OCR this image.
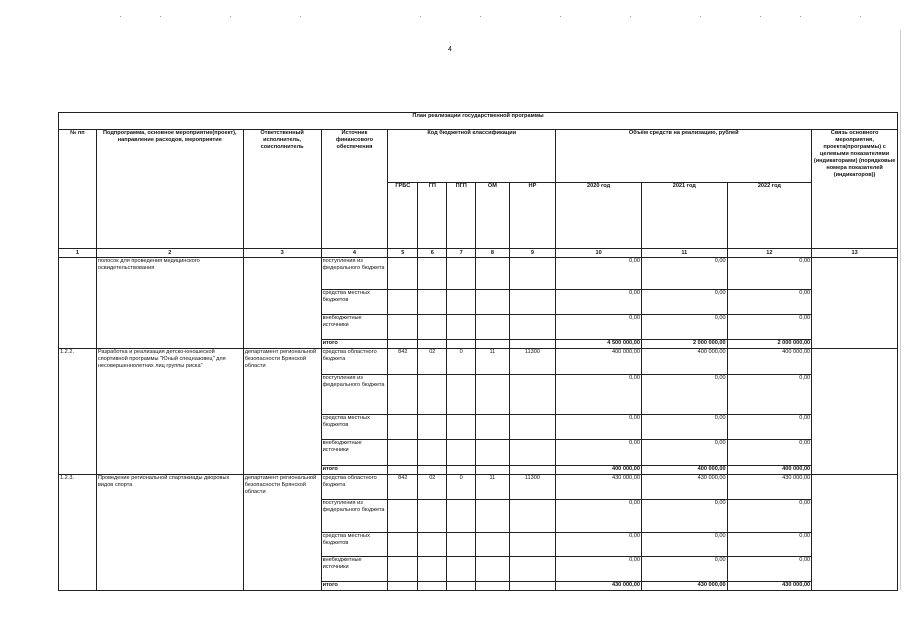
4
План реализации государственной программы												
№ пп	Подпрограмма, основное мероприятие(проект), направление расходов, мероприятие	Ответственный исполнитель, соисполнитель	Источник финансового обеспечения	Код бюджетной классификации					Объём средств на реализацию, рублей			Связь основного мероприятия, проекта(программы) с целевыми показателями (индикаторами) (порядковые номера показателей (индикаторов))
				ГРБС	ГП	ПГП	ОМ	НР	2020 год	2021 год	2022 год	
1	2	3	4	5	6	7	8	9	10	11	12	13
	полосок для проведения медицинского освидетельствования		поступления из федерального бюджета						0,00	0,00	0,00	
			средства местных бюджетов						0,00	0,00	0,00	
			внебюджетные источники						0,00	0,00	0,00	
			итого						4 500 000,00	2 000 000,00	2 000 000,00	
1.2.2.	Разработка и реализация детско-юношеской спортивной программы "Юный спецназовец" для несовершеннолетних лиц группы риска"	департамент региональной безопасности Брянской области	средства областного бюджета	842	02	0	11	11300	400 000,00	400 000,00	400 000,00	
			поступления из федерального бюджета						0,00	0,00	0,00	
			средства местных бюджетов						0,00	0,00	0,00	
			внебюджетные источники						0,00	0,00	0,00	
			итого						400 000,00	400 000,00	400 000,00	
1.2.3.	Проведение региональной спартакиады дворовых видов спорта	департамент региональной безопасности Брянской области	средства областного бюджета	842	02	0	11	11300	430 000,00	430 000,00	430 000,00	
			поступления из федерального бюджета						0,00	0,00	0,00	
			средства местных бюджетов						0,00	0,00	0,00	
			внебюджетные источники						0,00	0,00	0,00	
			итого						430 000,00	430 000,00	430 000,00	
